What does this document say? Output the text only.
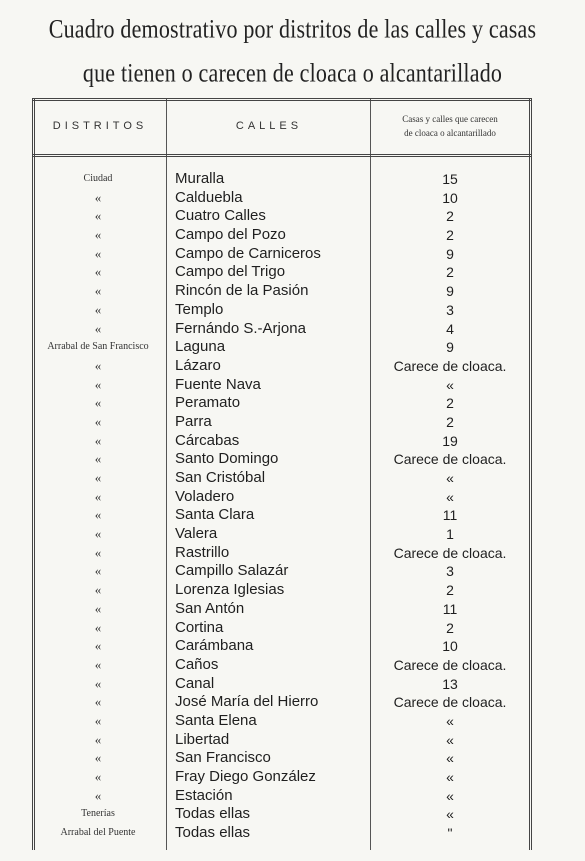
Cuadro demostrativo por distritos de las calles y casas
que tienen o carecen de cloaca o alcantarillado
DISTRITOS	CALLES
Casas y calles que carecen
de cloaca o alcantarillado
Ciudad	Muralla	15
«	Calduebla	10
«	Cuatro Calles	2
«	Campo del Pozo	2
«	Campo de Carniceros	9
«	Campo del Trigo	2
«	Rincón de la Pasión	9
«	Templo	3
«	Fernándo S.-Arjona	4
Arrabal de San Francisco	Laguna	9
«	Lázaro	Carece de cloaca.
«	Fuente Nava	«
«	Peramato	2
«	Parra	2
«	Cárcabas	19
«	Santo Domingo	Carece de cloaca.
«	San Cristóbal	«
«	Voladero	«
«	Santa Clara	11
«	Valera	1
«	Rastrillo	Carece de cloaca.
«	Campillo Salazár	3
«	Lorenza Iglesias	2
«	San Antón	11
«	Cortina	2
«	Carámbana	10
«	Caños	Carece de cloaca.
«	Canal	13
«	José María del Hierro	Carece de cloaca.
«	Santa Elena	«
«	Libertad	«
«	San Francisco	«
«	Fray Diego González	«
«	Estación	«
Tenerías	Todas ellas	«
Arrabal del Puente	Todas ellas	"
